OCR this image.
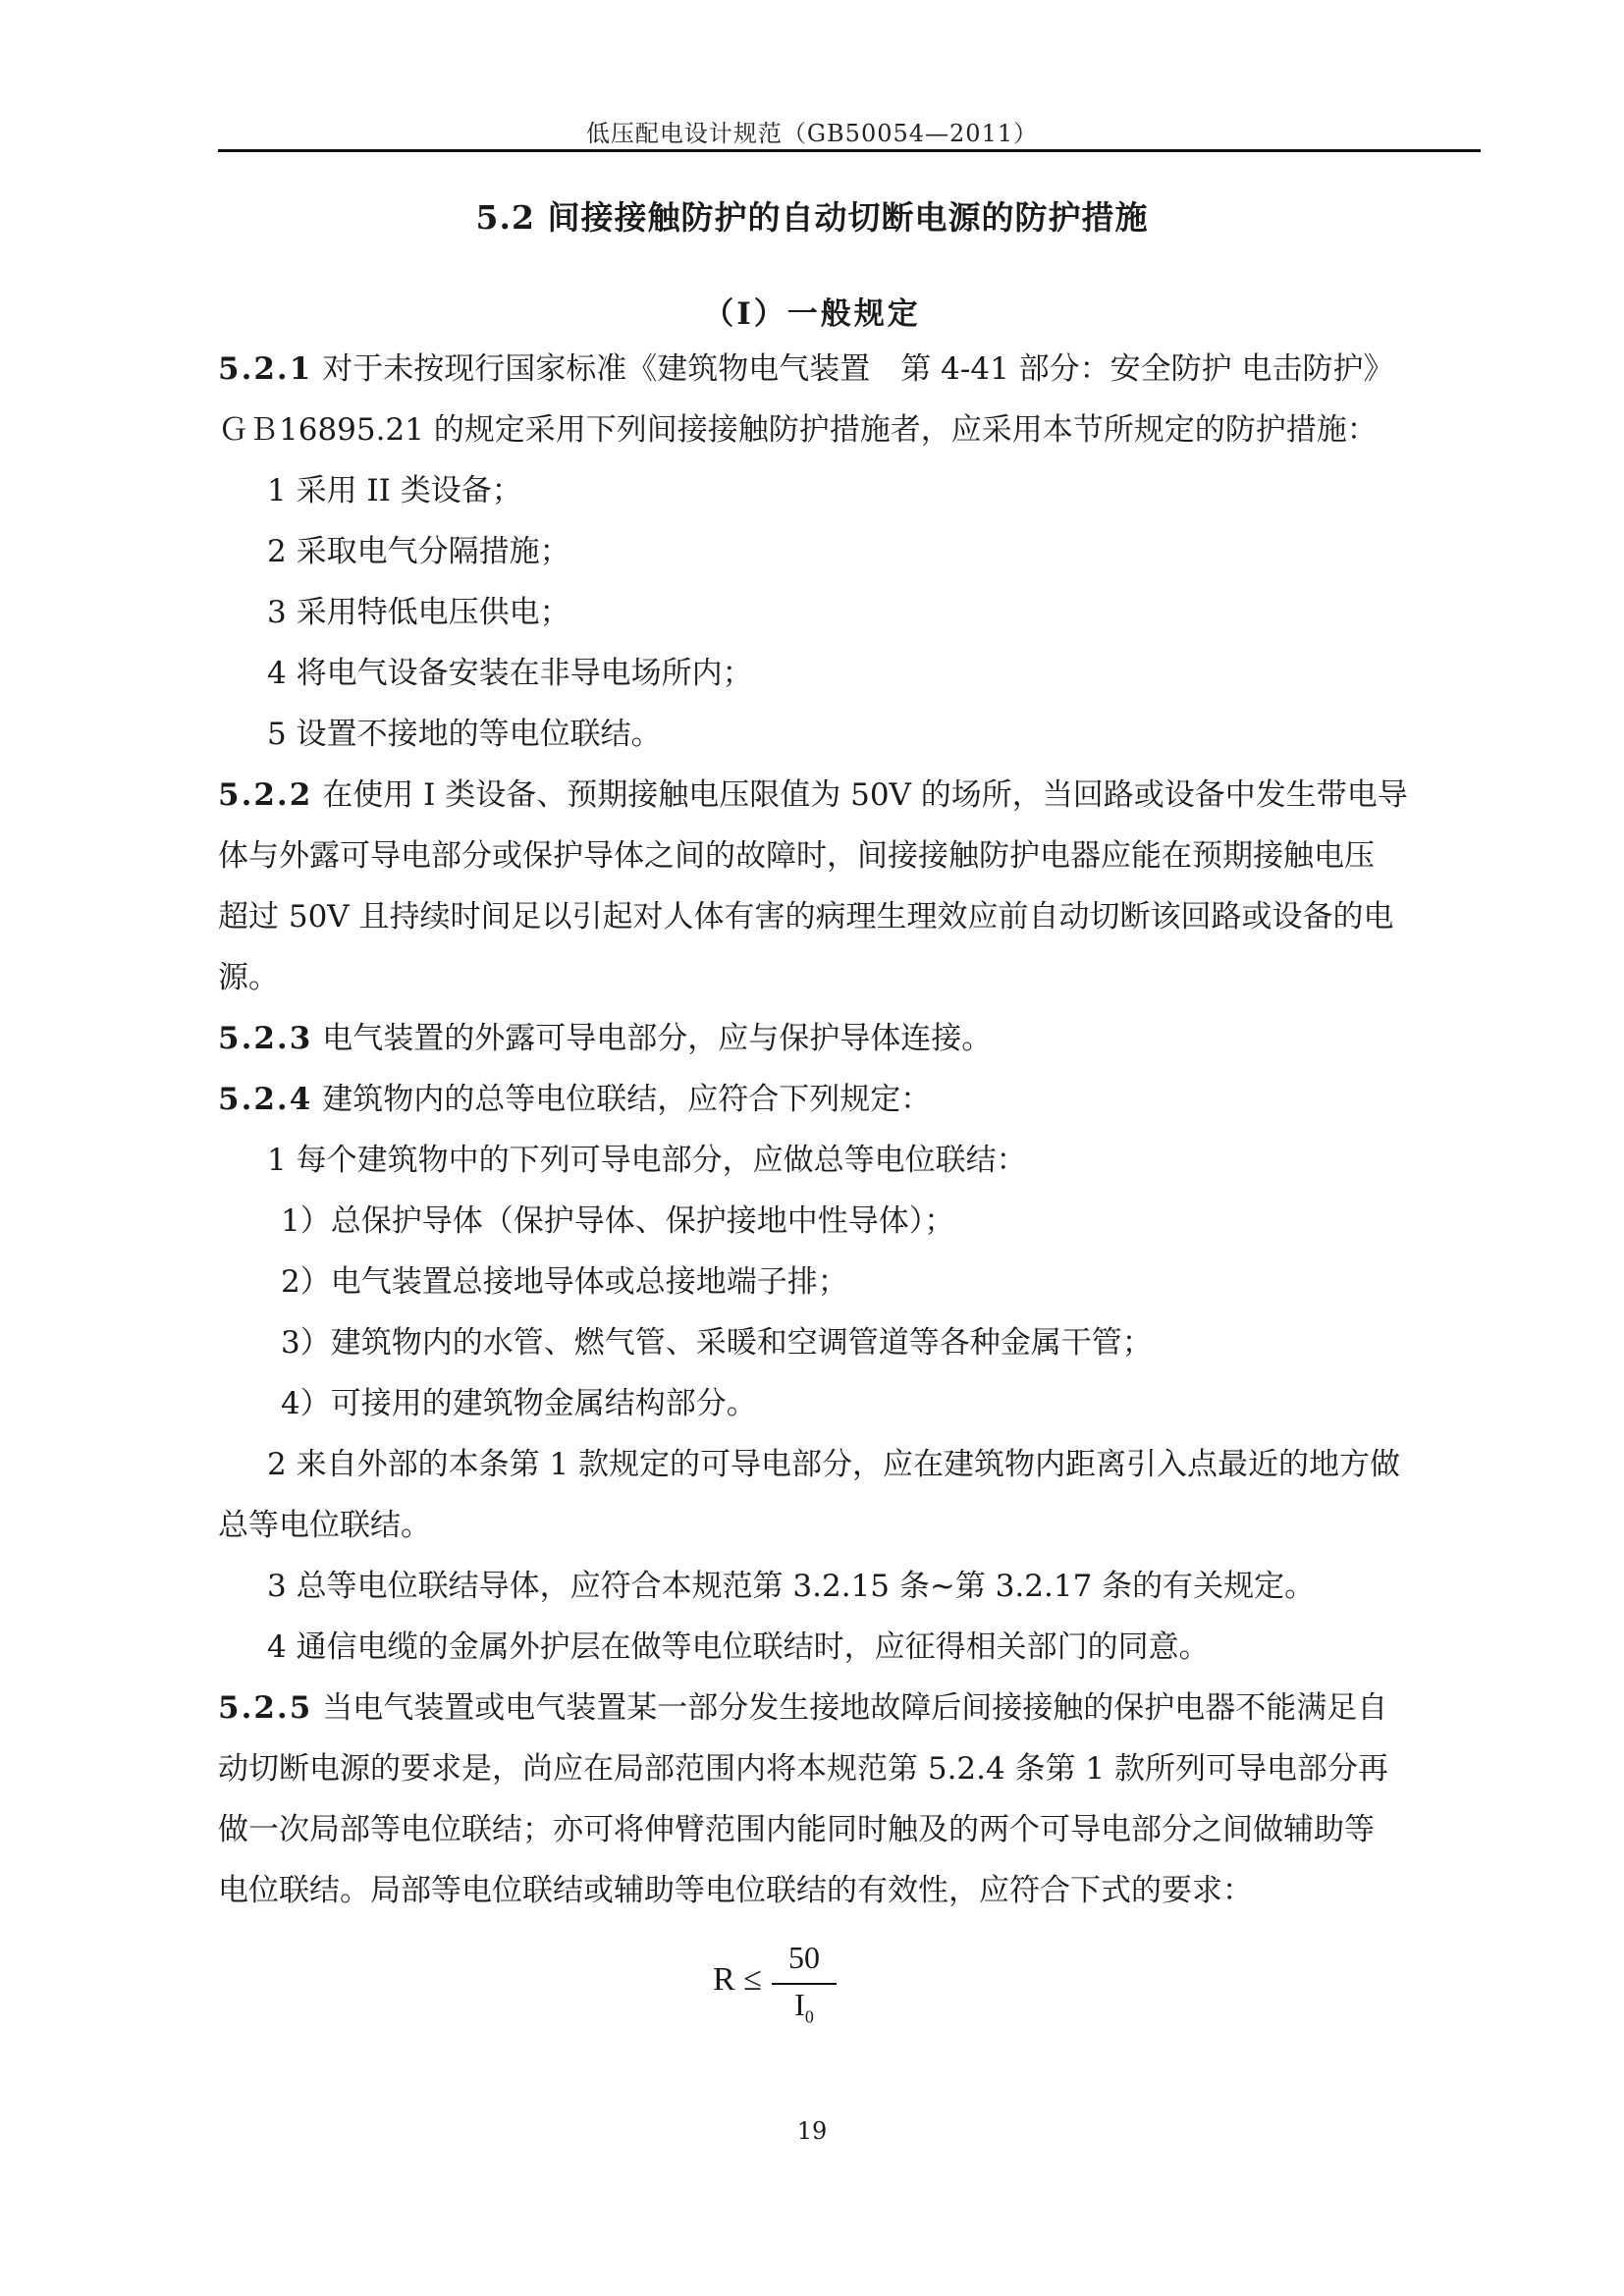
低压配电设计规范（GB50054—2011）
5.2 间接接触防护的自动切断电源的防护措施
（Ⅰ）一般规定
5.2.1 对于未按现行国家标准《建筑物电气装置　第 4-41 部分：安全防护 电击防护》
ＧＢ16895.21 的规定采用下列间接接触防护措施者，应采用本节所规定的防护措施：
1 采用 II 类设备；
2 采取电气分隔措施；
3 采用特低电压供电；
4 将电气设备安装在非导电场所内；
5 设置不接地的等电位联结。
5.2.2 在使用 I 类设备、预期接触电压限值为 50V 的场所，当回路或设备中发生带电导
体与外露可导电部分或保护导体之间的故障时，间接接触防护电器应能在预期接触电压
超过 50V 且持续时间足以引起对人体有害的病理生理效应前自动切断该回路或设备的电
源。
5.2.3 电气装置的外露可导电部分，应与保护导体连接。
5.2.4 建筑物内的总等电位联结，应符合下列规定：
1 每个建筑物中的下列可导电部分，应做总等电位联结：
1）总保护导体（保护导体、保护接地中性导体）；
2）电气装置总接地导体或总接地端子排；
3）建筑物内的水管、燃气管、采暖和空调管道等各种金属干管；
4）可接用的建筑物金属结构部分。
2 来自外部的本条第 1 款规定的可导电部分，应在建筑物内距离引入点最近的地方做
总等电位联结。
3 总等电位联结导体，应符合本规范第 3.2.15 条~第 3.2.17 条的有关规定。
4 通信电缆的金属外护层在做等电位联结时，应征得相关部门的同意。
5.2.5 当电气装置或电气装置某一部分发生接地故障后间接接触的保护电器不能满足自
动切断电源的要求是，尚应在局部范围内将本规范第 5.2.4 条第 1 款所列可导电部分再
做一次局部等电位联结；亦可将伸臂范围内能同时触及的两个可导电部分之间做辅助等
电位联结。局部等电位联结或辅助等电位联结的有效性，应符合下式的要求：
R ≤
50
$I_0$
19
